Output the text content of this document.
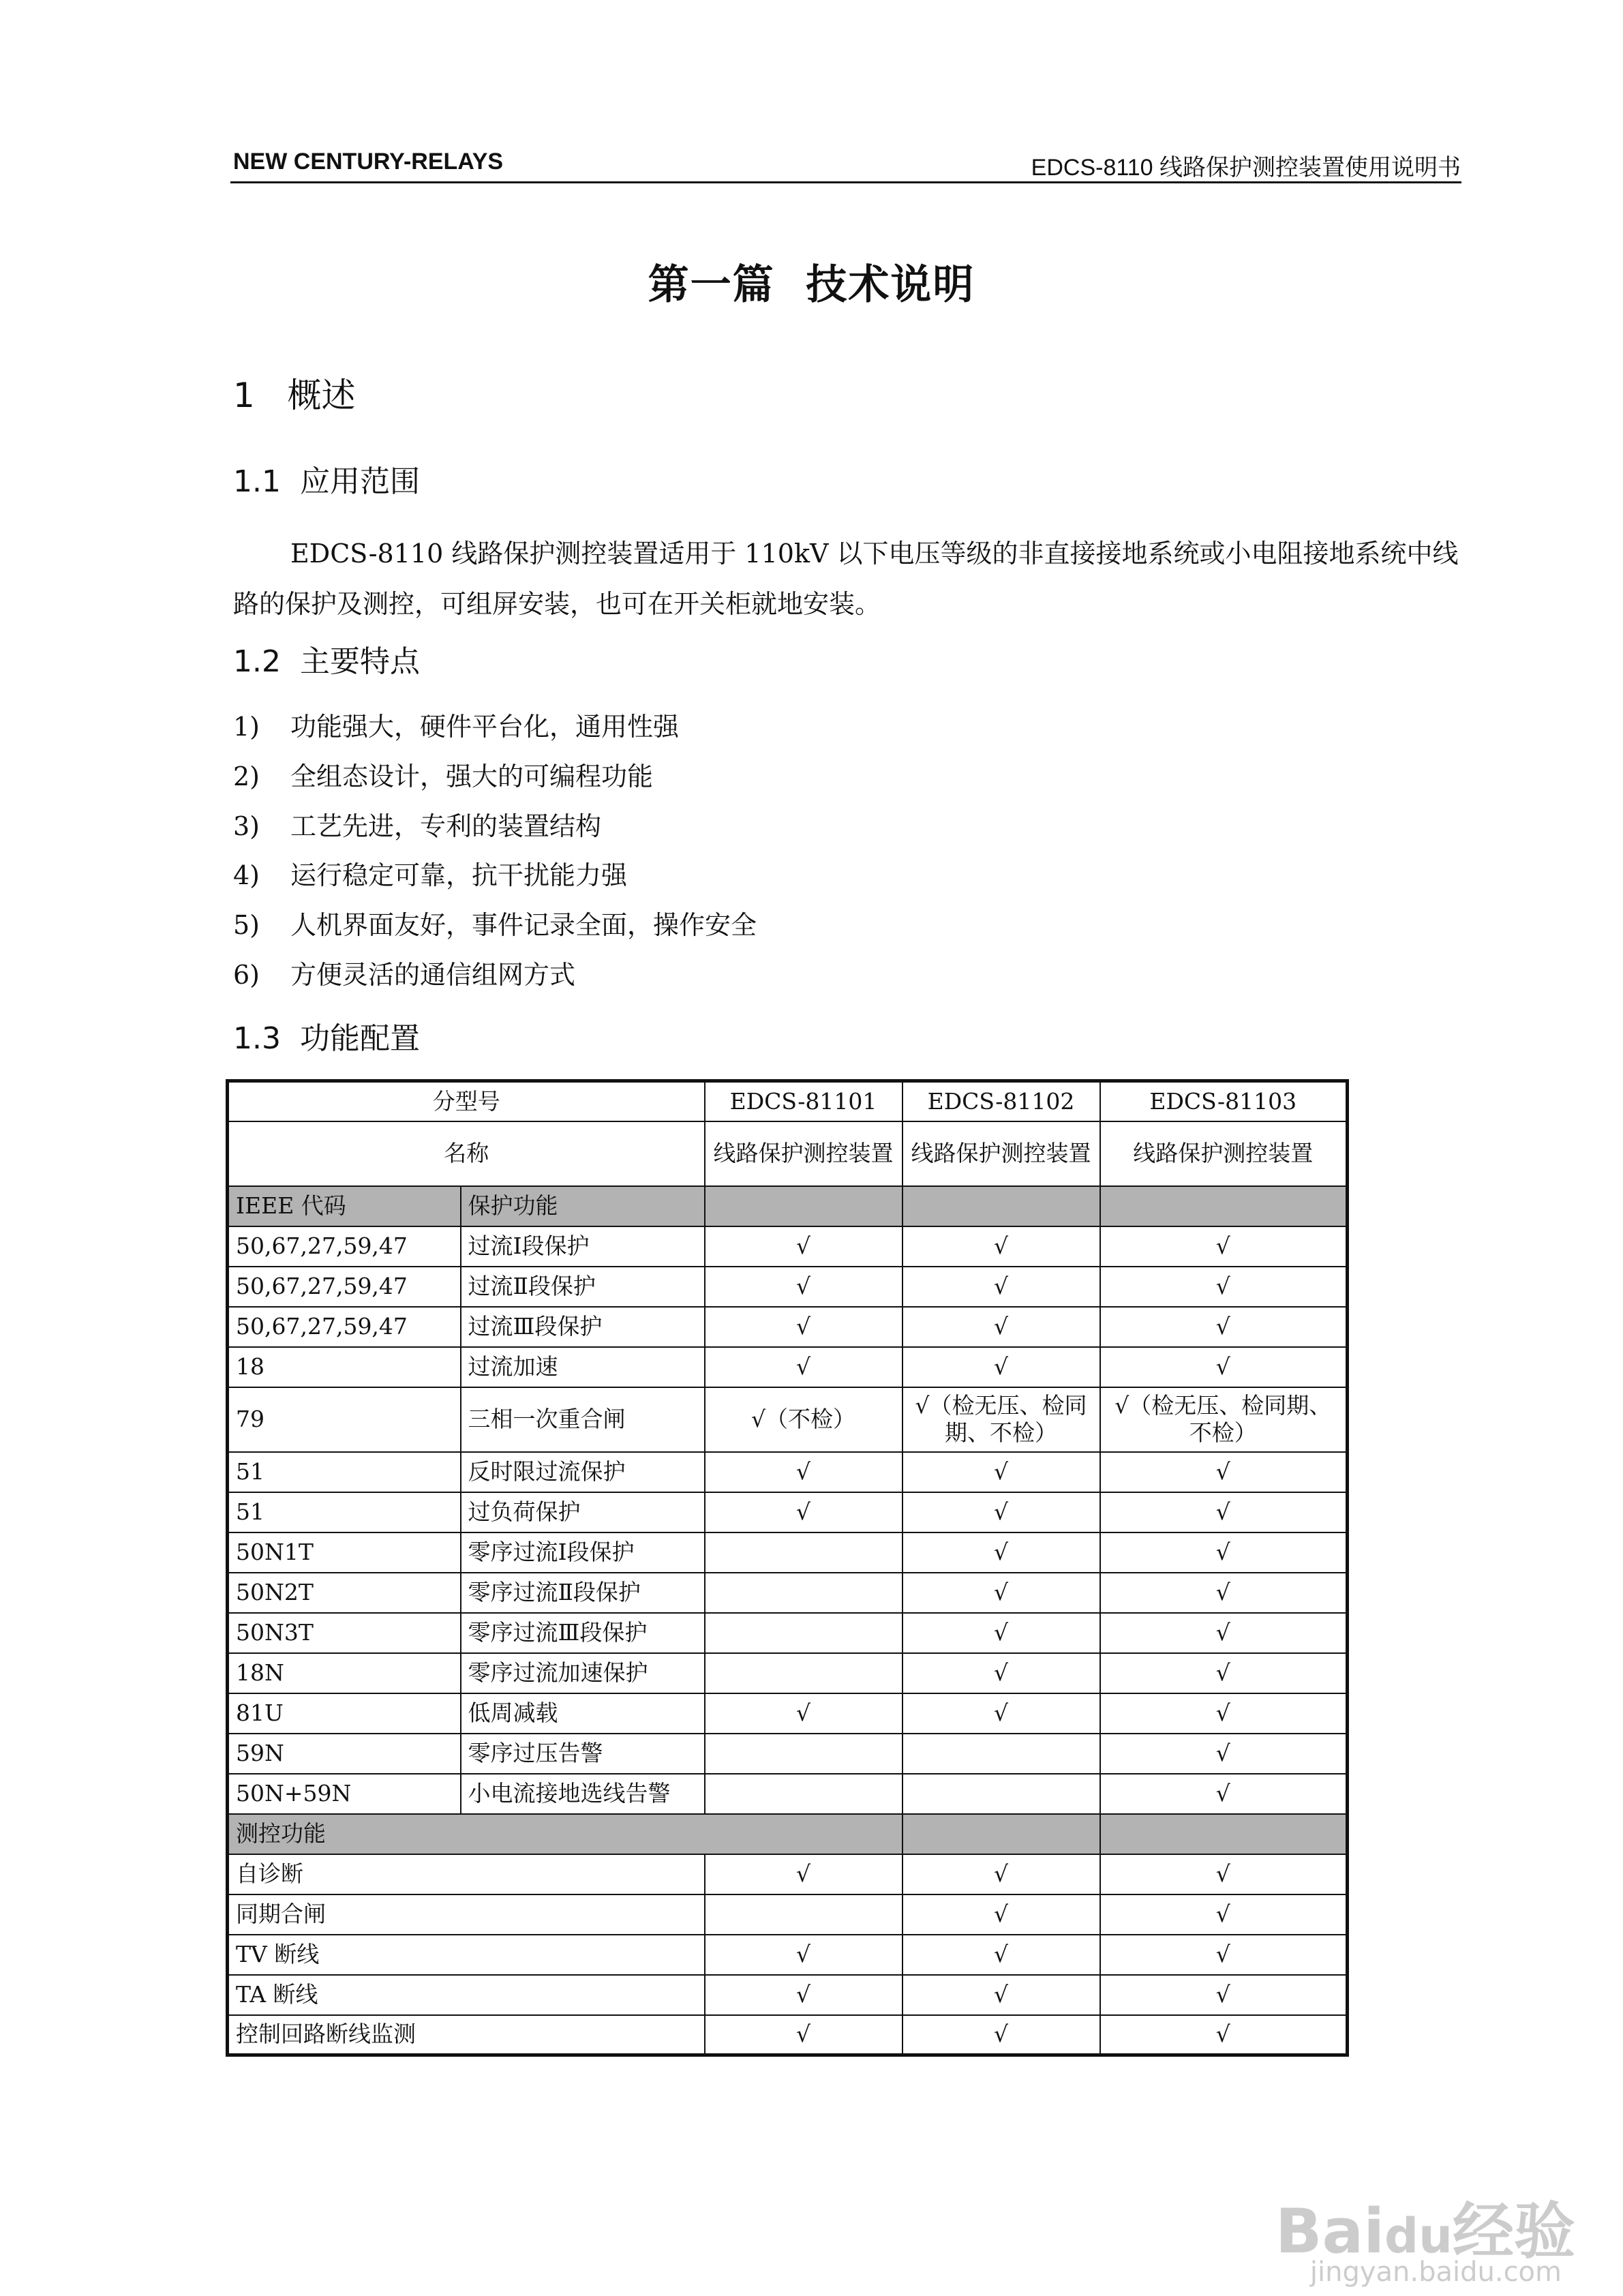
NEW CENTURY-RELAYS	EDCS-8110 线路保护测控装置使用说明书
第一篇  技术说明
1   概述
1.1  应用范围
EDCS-8110 线路保护测控装置适用于 110kV 以下电压等级的非直接接地系统或小电阻接地系统中线路的保护及测控，可组屏安装，也可在开关柜就地安装。
1.2  主要特点
1) 功能强大，硬件平台化，通用性强
2) 全组态设计，强大的可编程功能
3) 工艺先进，专利的装置结构
4) 运行稳定可靠，抗干扰能力强
5) 人机界面友好，事件记录全面，操作安全
6) 方便灵活的通信组网方式
1.3  功能配置
分型号		EDCS-81101	EDCS-81102	EDCS-81103
名称		线路保护测控装置	线路保护测控装置	线路保护测控装置
IEEE 代码	保护功能			
50,67,27,59,47	过流Ⅰ段保护	√	√	√
50,67,27,59,47	过流Ⅱ段保护	√	√	√
50,67,27,59,47	过流Ⅲ段保护	√	√	√
18	过流加速	√	√	√
79	三相一次重合闸	√（不检）	√（检无压、检同期、不检）	√（检无压、检同期、不检）
51	反时限过流保护	√	√	√
51	过负荷保护	√	√	√
50N1T	零序过流Ⅰ段保护		√	√
50N2T	零序过流Ⅱ段保护		√	√
50N3T	零序过流Ⅲ段保护		√	√
18N	零序过流加速保护		√	√
81U	低周减载	√	√	√
59N	零序过压告警			√
50N+59N	小电流接地选线告警			√
测控功能				
自诊断		√	√	√
同期合闸			√	√
TV 断线		√	√	√
TA 断线		√	√	√
控制回路断线监测		√	√	√
Baidu经验
jingyan.baidu.com
